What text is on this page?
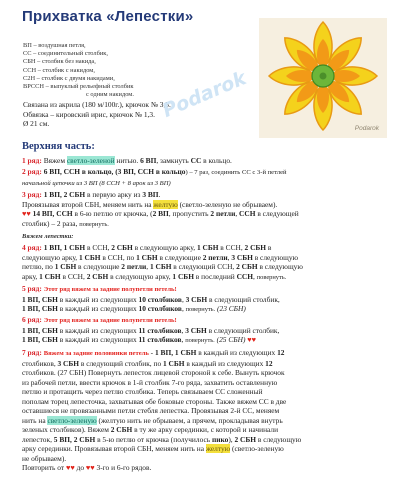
Прихватка «Лепестки»
ВП – воздушная петля,
СС – соединительный столбик,
СБН – столбик без накида,
ССН – столбик с накидом,
С2Н – столбик с двумя накидами,
ВРССН – выпуклый рельефный столбик
с одним накидом.
Связана из акрила (180 м/100г.), крючок № 3,5.
Обвязка – кировский ирис, крючок № 1,3.
Ø 21 см.
Podarok
Podarok
Верхняя часть:
1 ряд: Вяжем светло-зеленой нитью. 6 ВП, замкнуть СС в кольцо.
2 ряд: 6 ВП, ССН в кольцо, (3 ВП, ССН в кольцо) – 7 раз, соединить СС с 3-й петлей
начальной цепочки из 3 ВП (8 ССН + 8 арок из 3 ВП)
3 ряд: 1 ВП, 2 СБН в первую арку из 3 ВП.
Провязывая второй СБН, меняем нить на желтую (светло-зеленую не обрываем).
♥♥ 14 ВП, ССН в 6-ю петлю от крючка, (2 ВП, пропустить 2 петли, ССН в следующей
столбик) – 2 раза, повернуть.
Вяжем лепестки:
4 ряд: 1 ВП, 1 СБН в ССН, 2 СБН в следующую арку, 1 СБН в ССН, 2 СБН в
следующую арку, 1 СБН в ССН, по 1 СБН в следующие 2 петли, 3 СБН в следующую
петлю, по 1 СБН в следующие 2 петли, 1 СБН в следующий ССН, 2 СБН в следующую
арку, 1 СБН в ССН, 2 СБН в следующую арку, 1 СБН в последний ССН, повернуть.
5 ряд: Этот ряд вяжем за задние полупетли петель!
1 ВП, СБН в каждый из следующих 10 столбиков, 3 СБН в следующий столбик,
1 ВП, СБН в каждый из следующих 10 столбиков, повернуть. (23 СБН)
6 ряд: Этот ряд вяжем за задние полупетли петель!
1 ВП, СБН в каждый из следующих 11 столбиков, 3 СБН в следующий столбик,
1 ВП, СБН в каждый из следующих 11 столбиков, повернуть. (25 СБН) ♥♥
7 ряд: Вяжем за задние половинки петель - 1 ВП, 1 СБН в каждый из следующих 12
столбиков, 3 СБН в следующий столбик, по 1 СБН в каждый из следующих 12
столбиков. (27 СБН) Повернуть лепесток лицевой стороной к себе. Вынуть крючок
из рабочей петли, ввести крючок в 1-й столбик 7-го ряда, захватить оставленную
петлю и протащить через петлю столбика. Теперь связываем СС сложенный
пополам торец лепесточка, захватывая обе боковые стороны. Также вяжем СС в две
оставшиеся не провязанными петли стебля лепестка. Провязывая 2-й СС, меняем
нить на светло-зеленую (желтую нить не обрываем, а прячем, прокладывая внутрь
зеленых столбиков). Вяжем 2 СБН в ту же арку серединки, с которой и начинали
лепесток, 5 ВП, 2 СБН в 5-ю петлю от крючка (получилось пико), 2 СБН в следующую
арку серединки. Провязывая второй СБН, меняем нить на желтую (светло-зеленую
не обрываем).
Повторить от ♥♥ до ♥♥ 3-го и 6-го рядов.
